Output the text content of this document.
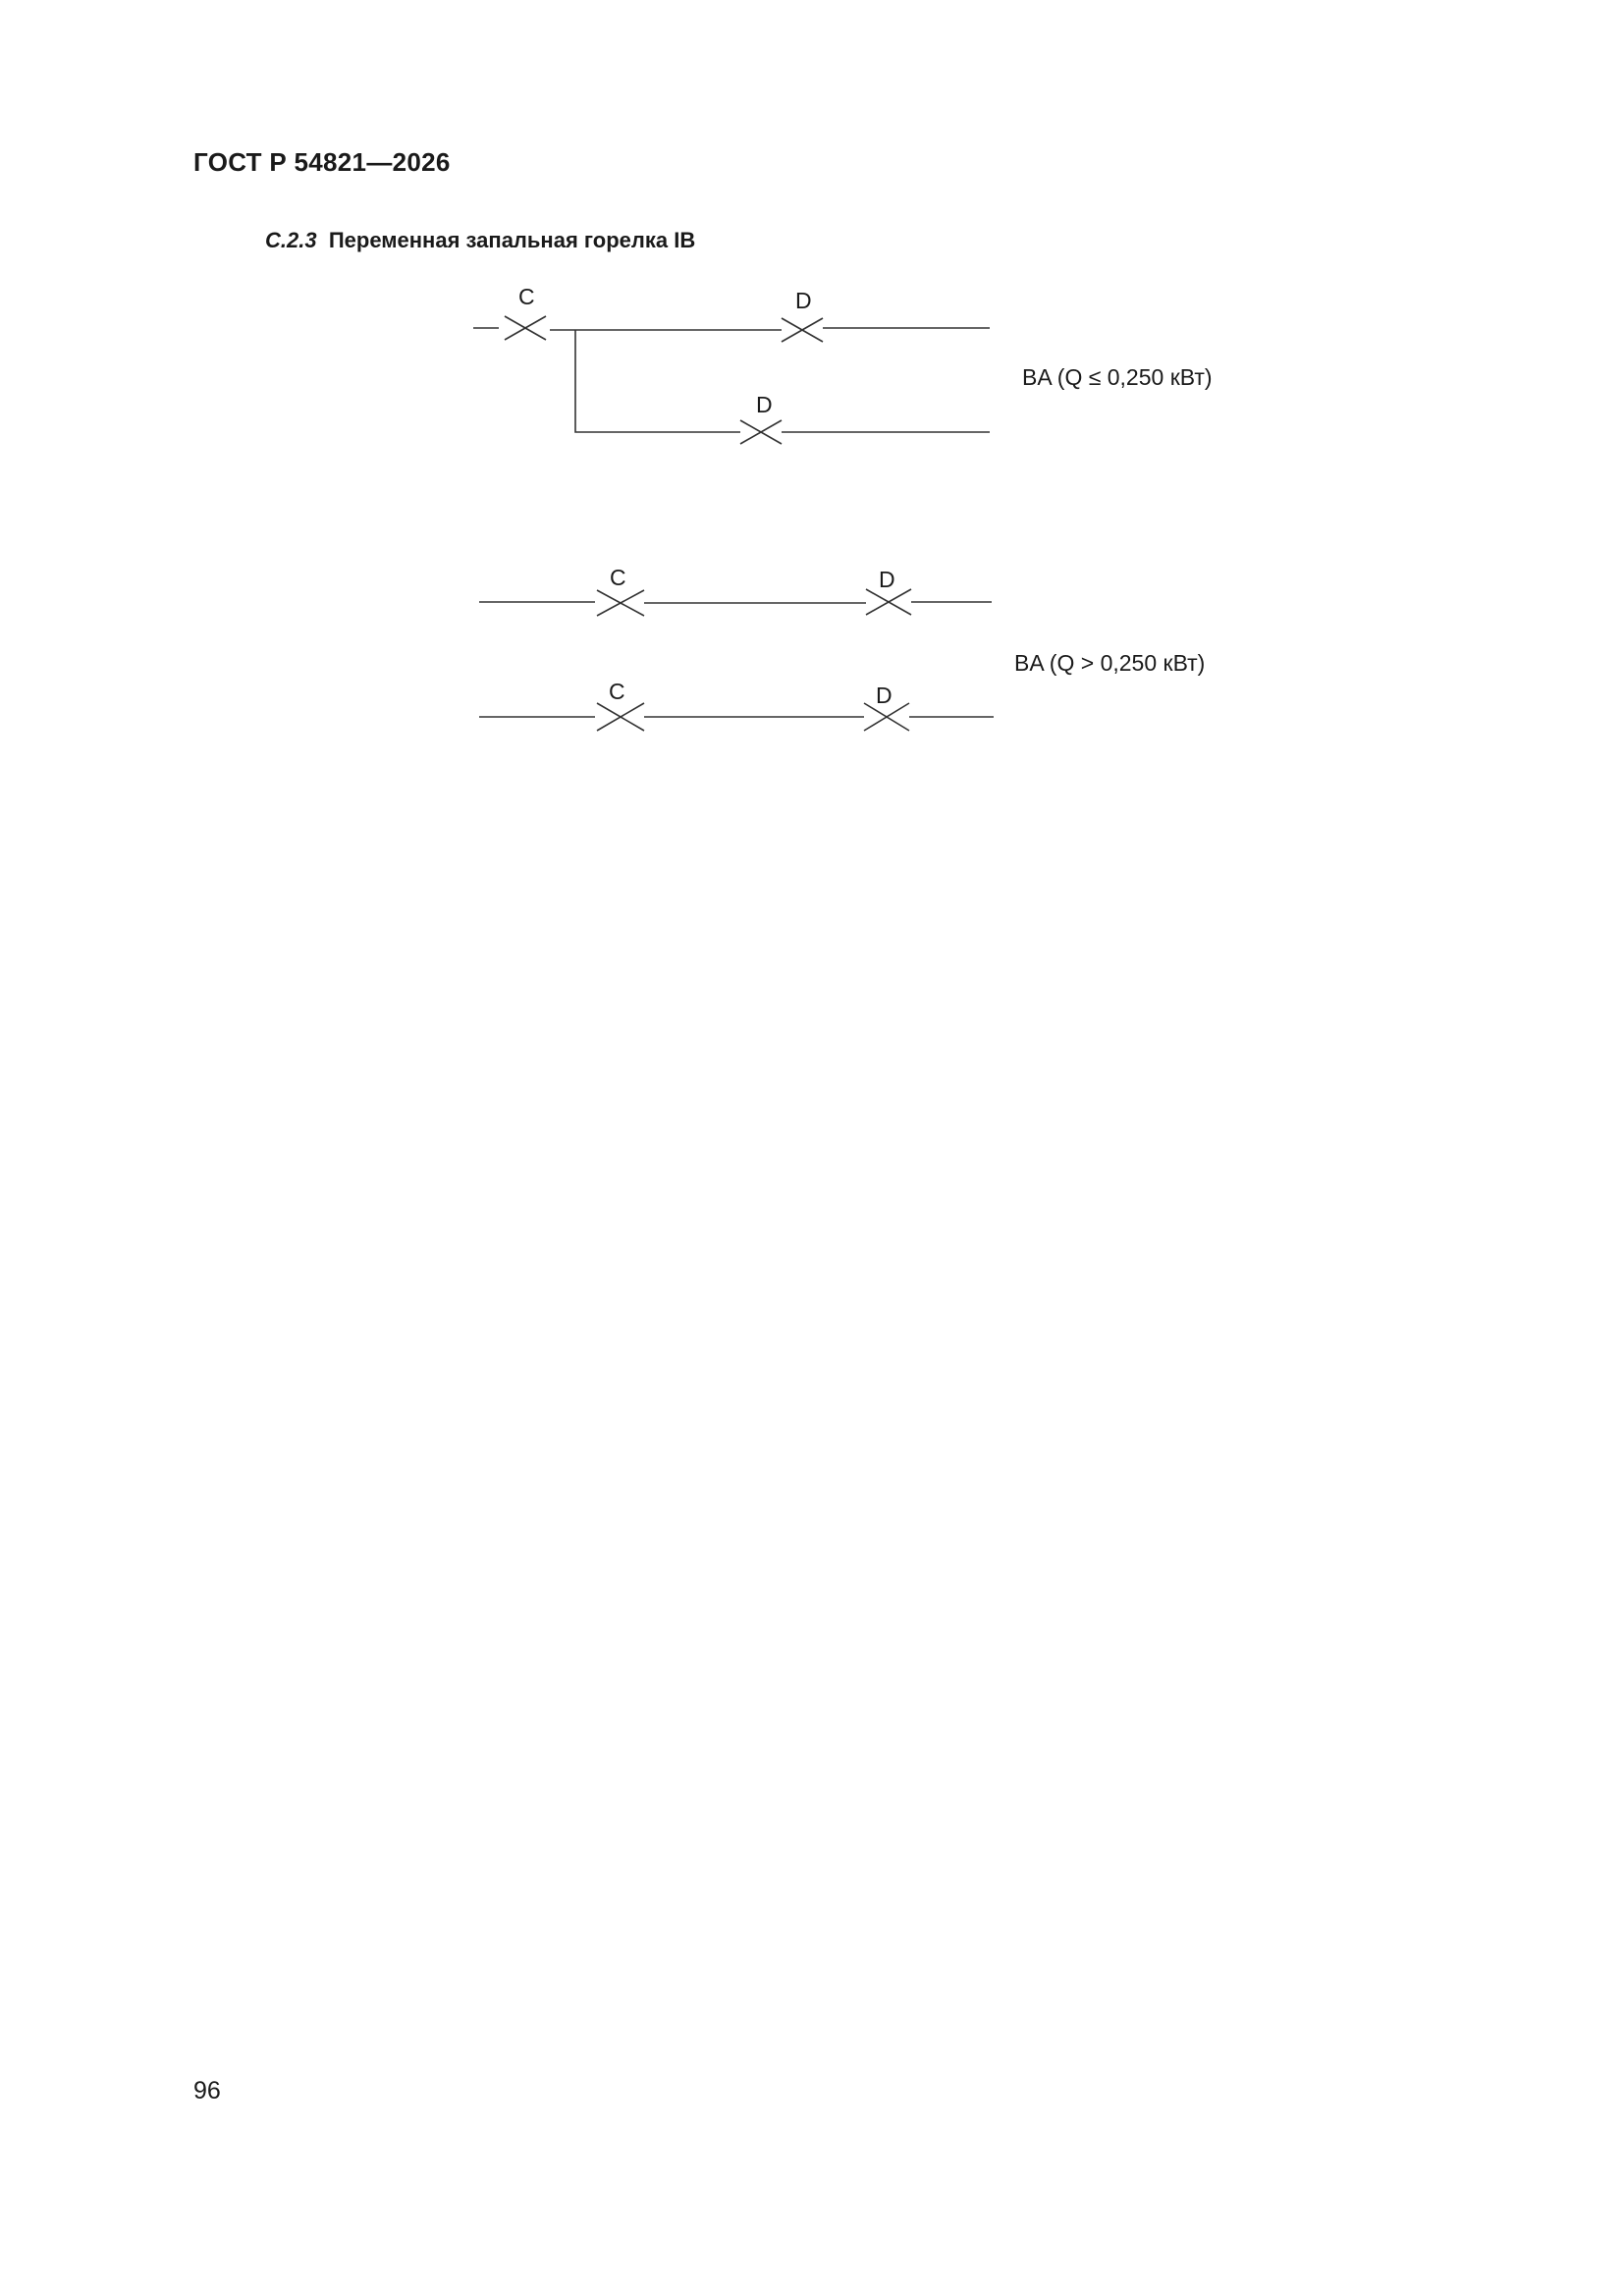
ГОСТ Р 54821—2026
С.2.3 Переменная запальная горелка IB
C	D
D
BA (Q ≤ 0,250 кВт)
C	D
C	D
BA (Q > 0,250 кВт)
96
